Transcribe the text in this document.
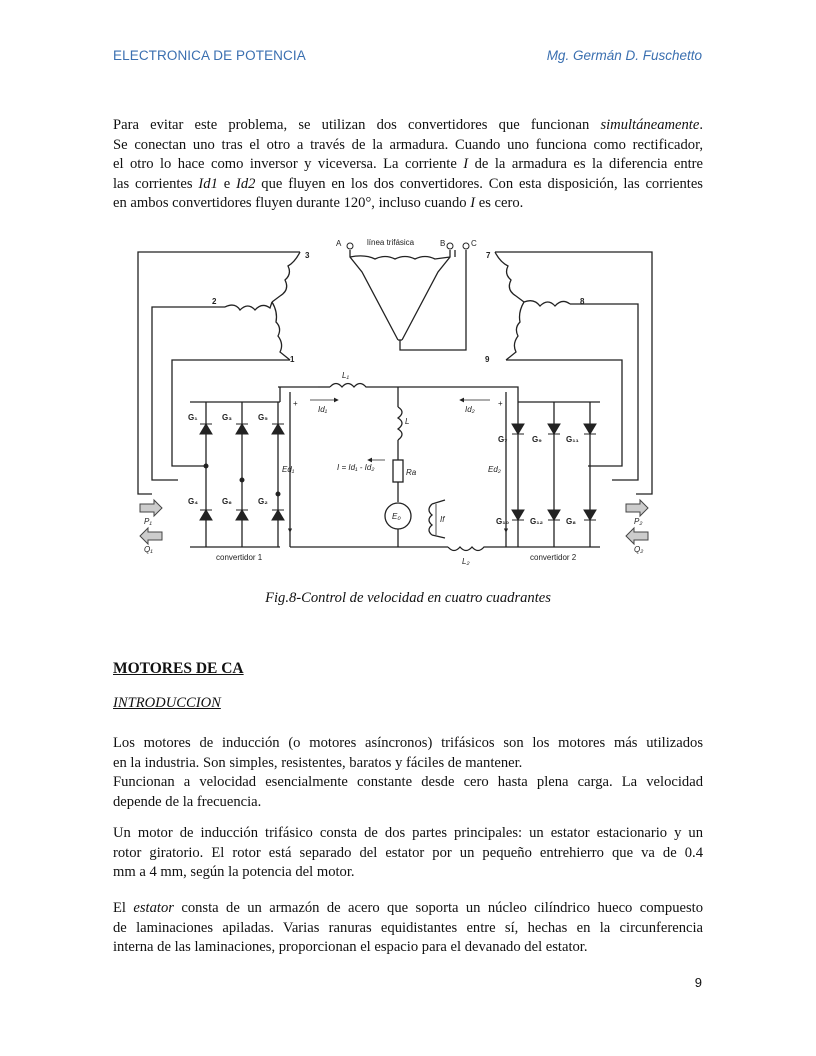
ELECTRONICA DE POTENCIA	Mg. Germán D. Fuschetto
Para evitar este problema, se utilizan dos convertidores que funcionan simultáneamente.
Se conectan uno tras el otro a través de la armadura. Cuando uno funciona como rectificador,
el otro lo hace como inversor y viceversa. La corriente I de la armadura es la diferencia entre
las corrientes Id1 e Id2 que fluyen en los dos convertidores. Con esta disposición, las corrientes
en ambos convertidores fluyen durante 120°, incluso cuando I es cero.
A	línea trifásica	B	C
3
2
1
7
8
9
L₁
L₂
L
Id₁	Id₂
+	+
Ed₁	Ed₂
I = Id₁ - Id₂
Ra
E₀	If
G₁	G₃	G₅
G₄	G₆	G₂
G₇	G₉	G₁₁
G₁₀	G₁₂	G₈
P₁
Q₁
P₂
Q₂
convertidor 1	convertidor 2
Fig.8-Control de velocidad en cuatro cuadrantes
MOTORES DE CA
INTRODUCCION
Los motores de inducción (o motores asíncronos) trifásicos son los motores más utilizados
en la industria. Son simples, resistentes, baratos y fáciles de mantener.
Funcionan a velocidad esencialmente constante desde cero hasta plena carga. La velocidad
depende de la frecuencia.
Un motor de inducción trifásico consta de dos partes principales: un estator estacionario y un
rotor giratorio. El rotor está separado del estator por un pequeño entrehierro que va de 0.4
mm a 4 mm, según la potencia del motor.
El estator consta de un armazón de acero que soporta un núcleo cilíndrico hueco compuesto
de laminaciones apiladas. Varias ranuras equidistantes entre sí, hechas en la circunferencia
interna de las laminaciones, proporcionan el espacio para el devanado del estator.
9
